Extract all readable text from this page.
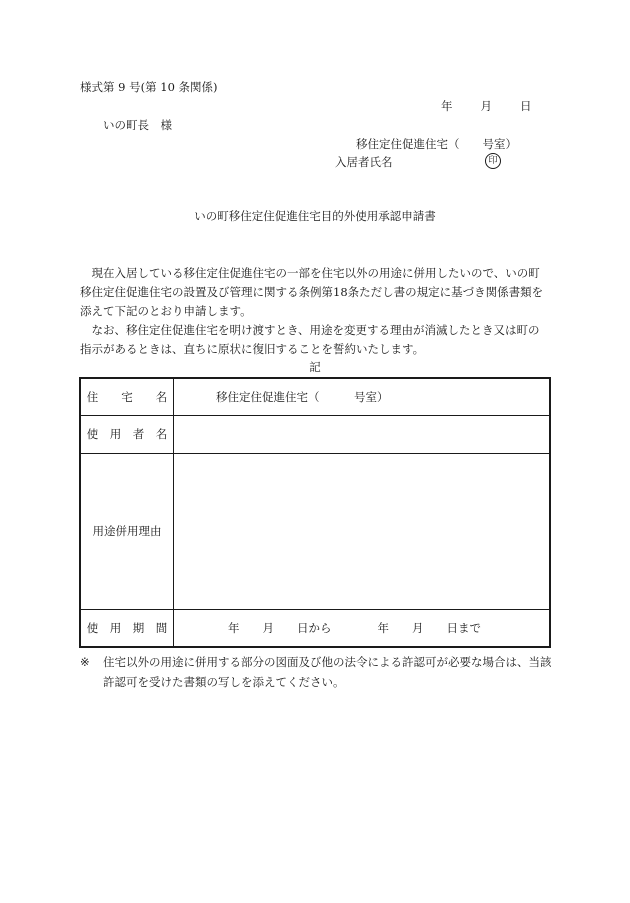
様式第 9 号(第 10 条関係)
年 月 日
いの町長　様
移住定住促進住宅（　　号室）
入居者氏名	印
いの町移住定住促進住宅目的外使用承認申請書

現在入居している移住定住促進住宅の一部を住宅以外の用途に併用したいので、いの町移住定住促進住宅の設置及び管理に関する条例第18条ただし書の規定に基づき関係書類を添えて下記のとおり申請します。

なお、移住定住促進住宅を明け渡すとき、用途を変更する理由が消滅したとき又は町の指示があるときは、直ちに原状に復旧することを誓約いたします。

記
住　　宅　　名	移住定住促進住宅（　　　号室）
使　用　者　名	
用途併用理由	
使　用　期　間	年　　月　　日から　　　　年　　月　　日まで
※	住宅以外の用途に併用する部分の図面及び他の法令による許認可が必要な場合は、当該許認可を受けた書類の写しを添えてください。
